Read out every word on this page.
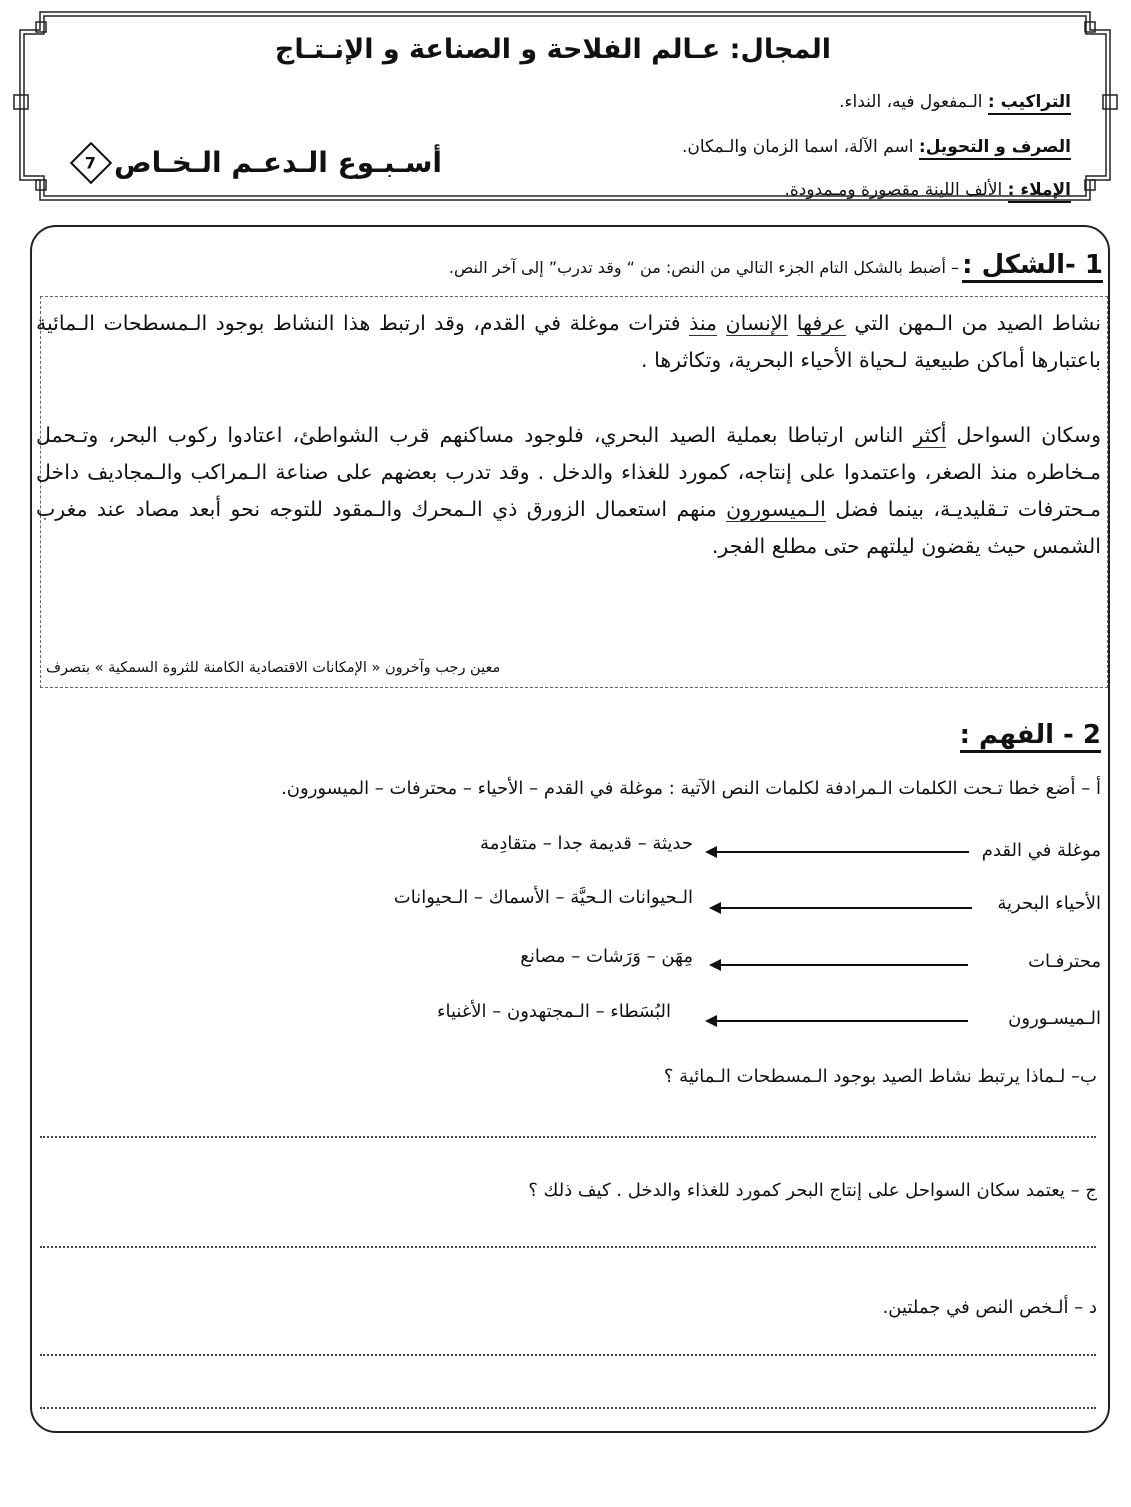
المجال: عـالم الفلاحة و الصناعة و الإنـتـاج
التراكيب : الـمفعول فيه، النداء.
الصرف و التحويل: اسم الآلة، اسما الزمان والـمكان.
الإملاء : الألف اللينة مقصورة ومـمدودة.
أسـبـوع الـدعـم الـخـاص
7
1 -الشكل :
– أضبط بالشكل التام الجزء التالي من النص: من “ وقد تدرب” إلى آخر النص.
نشاط الصيد من الـمهن التي عرفها الإنسان منذ فترات موغلة في القدم، وقد ارتبط هذا النشاط بوجود الـمسطحات الـمائية باعتبارها أماكن طبيعية لـحياة الأحياء البحرية، وتكاثرها .
وسكان السواحل أكثر الناس ارتباطا بعملية الصيد البحري، فلوجود مساكنهم قرب الشواطئ، اعتادوا ركوب البحر، وتـحمل مـخاطره منذ الصغر، واعتمدوا على إنتاجه، كمورد للغذاء والدخل . وقد تدرب بعضهم على صناعة الـمراكب والـمجاديف داخل مـحترفات تـقليديـة، بينما فضل الـميسورون منهم استعمال الزورق ذي الـمحرك والـمقود للتوجه نحو أبعد مصاد عند مغرب الشمس حيث يقضون ليلتهم حتى مطلع الفجر.
معين رجب وآخرون « الإمكانات الاقتصادية الكامنة للثروة السمكية » بتصرف
2 - الفهم :
أ – أضع خطا تـحت الكلمات الـمرادفة لكلمات النص الآتية : موغلة في القدم – الأحياء – محترفات – الميسورون.
موغلة في القدم
حديثة – قديمة جدا – متقادِمة
الأحياء البحرية
الـحيوانات الـحيَّة – الأسماك – الـحيوانات
محترفـات
مِهَن – وَرَشات – مصانع
الـميسـورون
البُسَطاء – الـمجتهدون – الأغنياء
ب– لـماذا يرتبط نشاط الصيد بوجود الـمسطحات الـمائية ؟
ج – يعتمد سكان السواحل على إنتاج البحر كمورد للغذاء والدخل . كيف ذلك ؟
د – ألـخص النص في جملتين.
